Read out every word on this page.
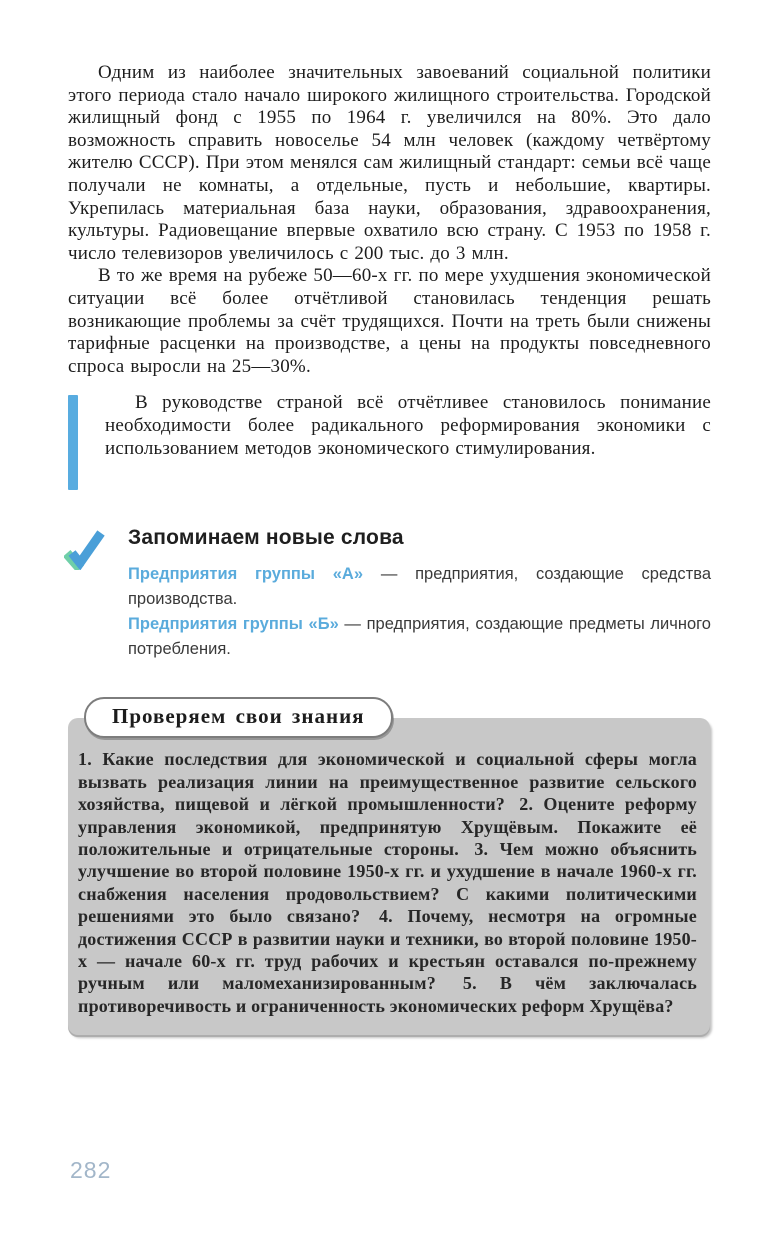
Одним из наиболее значительных завоеваний социальной политики этого периода стало начало широкого жилищного строительства. Городской жилищный фонд с 1955 по 1964 г. увеличился на 80%. Это дало возможность справить новоселье 54 млн человек (каждому четвёртому жителю СССР). При этом менялся сам жилищный стандарт: семьи всё чаще получали не комнаты, а отдельные, пусть и небольшие, квартиры. Укрепилась материальная база науки, образования, здравоохранения, культуры. Радиовещание впервые охватило всю страну. С 1953 по 1958 г. число телевизоров увеличилось с 200 тыс. до 3 млн.

В то же время на рубеже 50—60-х гг. по мере ухудшения экономической ситуации всё более отчётливой становилась тенденция решать возникающие проблемы за счёт трудящихся. Почти на треть были снижены тарифные расценки на производстве, а цены на продукты повседневного спроса выросли на 25—30%.

В руководстве страной всё отчётливее становилось понимание необходимости более радикального реформирования экономики с использованием методов экономического стимулирования.

Запоминаем новые слова

Предприятия группы «А» — предприятия, создающие средства производства.

Предприятия группы «Б» — предприятия, создающие предметы личного потребления.

Проверяем свои знания

1. Какие последствия для экономической и социальной сферы могла вызвать реализация линии на преимущественное развитие сельского хозяйства, пищевой и лёгкой промышленности? 2. Оцените реформу управления экономикой, предпринятую Хрущёвым. Покажите её положительные и отрицательные стороны. 3. Чем можно объяснить улучшение во второй половине 1950-х гг. и ухудшение в начале 1960-х гг. снабжения населения продовольствием? С какими политическими решениями это было связано? 4. Почему, несмотря на огромные достижения СССР в развитии науки и техники, во второй половине 1950-х — начале 60-х гг. труд рабочих и крестьян оставался по-прежнему ручным или маломеханизированным? 5. В чём заключалась противоречивость и ограниченность экономических реформ Хрущёва?

282
